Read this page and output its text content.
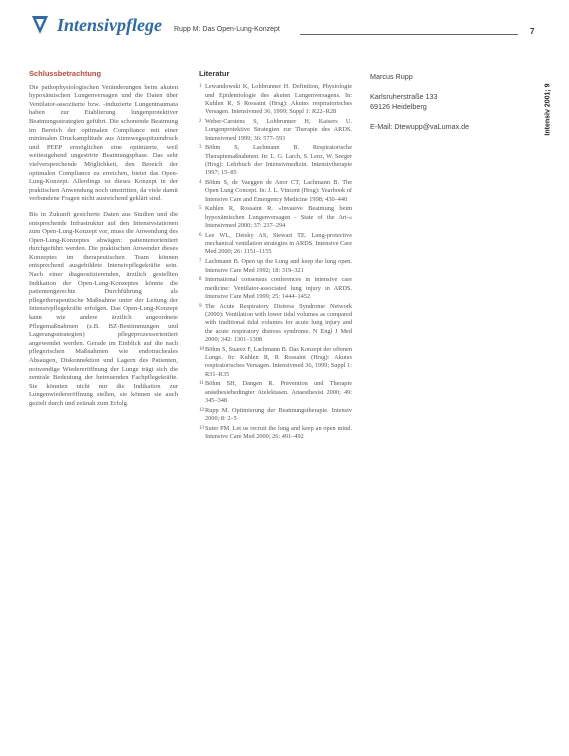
Intensivpflege Rupp M: Das Open-Lung-Konzept	7
Intensiv 2001; 9
Schlussbetrachtung

Die pathophysiologischen Veränderungen beim akuten hypoxämischen Lungenversagen und die Daten über Ventilator-assoziierte bzw. -induzierte Lungentraumata haben zur Etablierung lungenprotektiver Beatmungsstrategien geführt. Die schonende Beatmung im Bereich der optimalen Compliance mit einer minimalen Druckamplitude aus Atemwegsspitzendruck und PEEP ermöglichen eine optimierte, weil weitestgehend ungestörte Beatmungsphase. Das sehr vielversprechende Möglichkeit, den Bereich der optimalen Compliance zu erreichen, bietet das Open-Lung-Konzept. Allerdings ist dieses Konzept in der praktischen Anwendung noch umstritten, da viele damit verbundene Fragen nicht ausreichend geklärt sind.

Bis in Zukunft gesicherte Daten aus Studien und die entsprechende Infrastruktur auf den Intensivstationen zum Open-Lung-Konzept vor, muss die Anwendung des Open-Lung-Konzeptes abwägen: patientenorientiert durchgeführt werden. Die praktischen Anwender dieses Konzeptes im therapeutischen Team können entsprechend ausgebildete Intensivpflegekräfte sein. Nach einer diagnostizierenden, ärztlich gestellten Indikation der Open-Lung-Konzeptes könnte die patientengerechte Durchführung als pflegetherapeutische Maßnahme unter der Leitung der Intensivpflegekräfte erfolgen. Das Open-Lung-Konzept kann wie andere ärztlich angeordnete Pflegemaßnahmen (z.B. BZ-Bestimmungen und Lagerungsstrategien) pflegeprozessorientiert angewendet werden. Gerade im Einblick auf die nach pflegerischen Maßnahmen wie endotracheales Absaugen, Diskonnektion und Lagern des Patienten, notwendige Wiedereröffnung der Lunge trägt sich die zentrale Bedeutung der betreuenden Fachpflegekräfte. Sie könnten nicht nur die Indikation zur Lungenwiedereröffnung stellen, sie können sie auch gezielt durch und zeitnah zum Erfolg.

Literatur
1 Lewandowski K, Lohbrunner H. Definition, Physiologie und Epidemiologie des akuten Lungenversagens. In: Kuhlen R, S Rossaint (Hrsg): Akutes respiratorisches Versagen. Intensivmed 36, 1999; Suppl 1: R22–R28
2 Weber-Carstens S, Lohbrunner H, Kaisers U. Lungenprotektive Strategien zur Therapie des ARDS. Intensivmed 1999; 36: 577–593
3 Böhm S, Lachmann B. Respiratorische Therapiemaßnahmen. In: L. G. Larch, S. Lenz, W. Seeger (Hrsg): Lehrbuch der Intensivmedizin. Intensivtherapie 1997; 15–85
4 Böhm S, de Vaeggen de Anor CT, Lachmann B. The Open Lung Concept. In: J. L. Vincent (Hrsg): Yearbook of Intensive Care and Emergency Medicine 1998; 430–440
5 Kuhlen R, Rossaint R. »Invasive Beatmung beim hypoxämischen Lungenversagen - State of the Art-« Intensivmed 2000; 37: 237–294
6 Lee WL, Detsky AS, Stewart TE. Lung-protective mechanical ventilation strategies in ARDS. Intensive Care Med 2000; 26: 1151–1155
7 Lachmann B. Open up the Lung and keep the lung open. Intensive Care Med 1992; 18: 319–321
8 International consensus conferences in intensive care medicine: Ventilator-associated lung injury in ARDS. Intensive Care Med 1999; 25: 1444–1452
9 The Acute Respiratory Distress Syndrome Network (2000): Ventilation with lower tidal volumes as compared with traditional tidal volumes for acute lung injury and the acute respiratory distress syndrome. N Engl J Med 2000; 342: 1301–1308
10 Böhm S, Suarez F, Lachmann B. Das Konzept der offenen Lunge. In: Kuhlen R, R Rossaint (Hrsg): Akutes respiratorisches Versagen. Intensivmed 36, 1999; Suppl 1: R31–R35
11 Böhm SH, Dangen R. Prävention und Therapie anästhesiebedingter Atelektasen. Anaesthesist 2000; 49: 345–348
12 Rupp M. Optimierung der Beatmungstherapie. Intensiv 2000; 8: 2–5
13 Suter PM. Let us recruit the lung and keep an open mind. Intensive Care Med 2000; 26: 491–492
Marcus Rupp
Karlsruherstraße 133
69126 Heidelberg
E-Mail: Dtewupp@vaLumax.de
